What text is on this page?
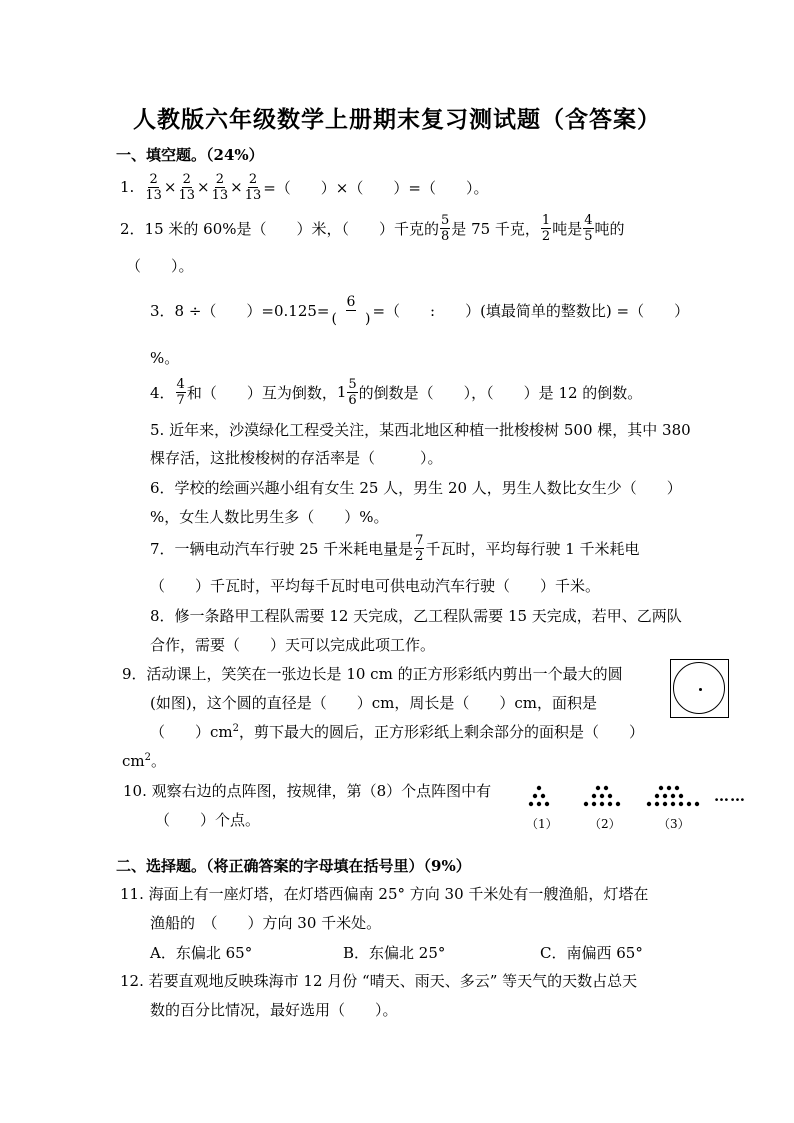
人教版六年级数学上册期末复习测试题（含答案）
一、填空题。（24%）
1. $\frac{2}{13} \times \frac{2}{13} \times \frac{2}{13} \times \frac{2}{13}$ =（　　）×（　　）=（　　）。
2． 15 米的 60%是（　　）米，（　　）千克的 $\frac{5}{8}$ 是 75 千克， $\frac{1}{2}$ 吨是 $\frac{4}{5}$ 吨的
（　　）。
3． 8 ÷（　　）$=0.125= \frac{6}{( )}$ =（　　:　　）(填最简单的整数比) =（　　）
%。
4． $\frac{4}{7}$ 和（　　）互为倒数， $1 \frac{5}{6}$ 的倒数是（　　），（　　）是 12 的倒数。
5. 近年来，沙漠绿化工程受关注，某西北地区种植一批梭梭树 500 棵，其中 380
棵存活，这批梭梭树的存活率是（　　　）。
6．学校的绘画兴趣小组有女生 25 人，男生 20 人，男生人数比女生少（　　）
%，女生人数比男生多（　　）%。
7． 一辆电动汽车行驶 25 千米耗电量是 $\frac{7}{2}$ 千瓦时，平均每行驶 1 千米耗电
（　　）千瓦时，平均每千瓦时电可供电动汽车行驶（　　）千米。
8．修一条路甲工程队需要 12 天完成，乙工程队需要 15 天完成，若甲、乙两队
合作，需要（　　）天可以完成此项工作。
9．活动课上，笑笑在一张边长是 10 cm 的正方形彩纸内剪出一个最大的圆
(如图)，这个圆的直径是（　　）cm，周长是（　　）cm，面积是
（　　）$cm^2$，剪下最大的圆后，正方形彩纸上剩余部分的面积是（　　）
$cm^2$。
10. 观察右边的点阵图，按规律，第（8）个点阵图中有
（　　）个点。	（1）	（2）	（3）
……
二、选择题。（将正确答案的字母填在括号里）（9%）
11. 海面上有一座灯塔，在灯塔西偏南 25° 方向 30 千米处有一艘渔船，灯塔在
渔船的　（　　）方向 30 千米处。
A．东偏北 65°	B．东偏北 25°	C．南偏西 65°
12. 若要直观地反映珠海市 12 月份 “晴天、雨天、多云” 等天气的天数占总天
数的百分比情况，最好选用（　　）。
